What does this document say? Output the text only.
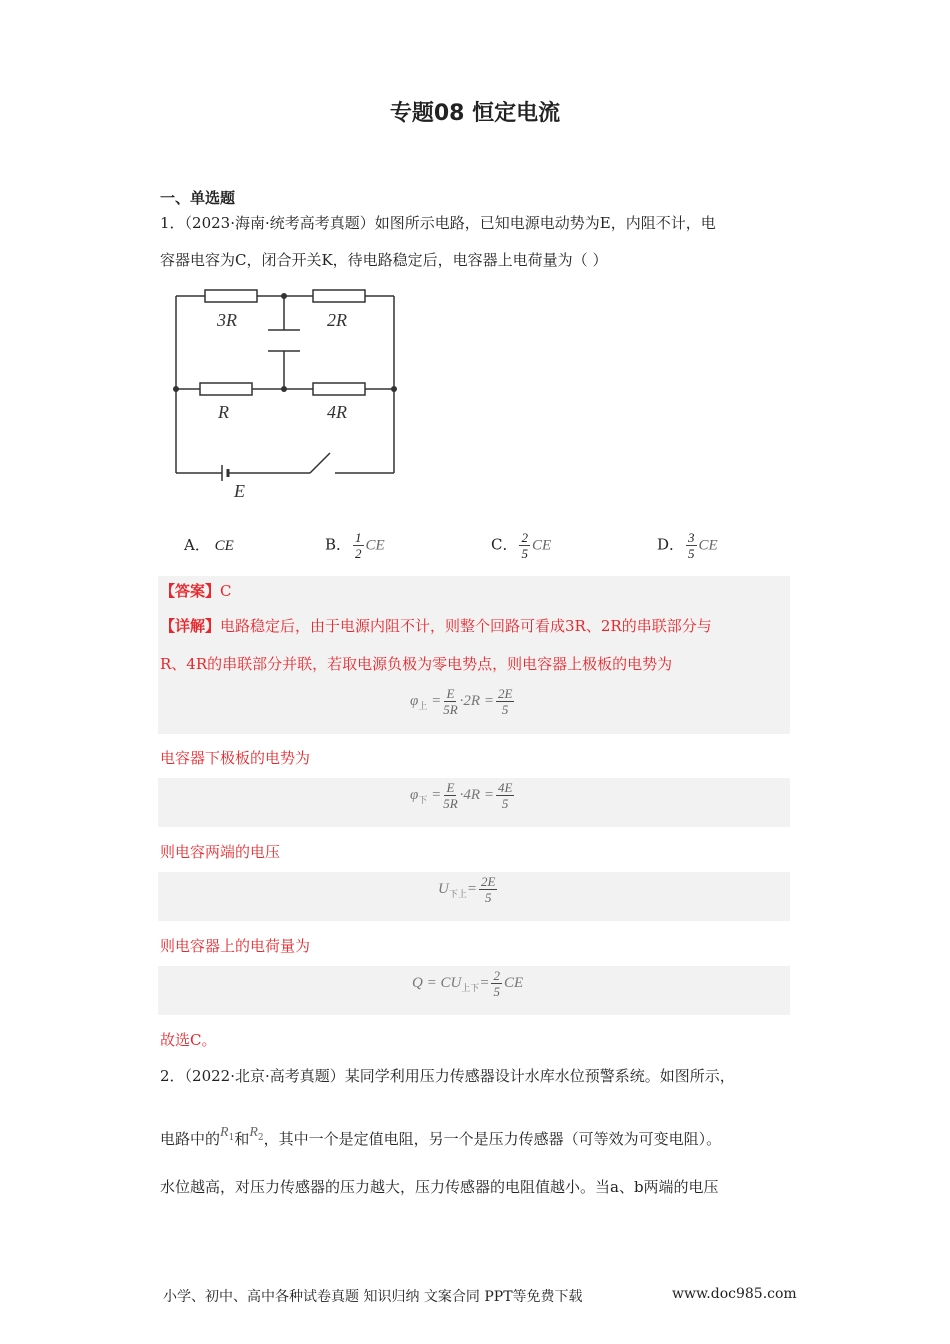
专题08 恒定电流
一、单选题
1．（2023·海南·统考高考真题）如图所示电路，已知电源电动势为E，内阻不计，电
容器电容为C，闭合开关K，待电路稳定后，电容器上电荷量为（ ）
3R	2R
R	4R
E
A． CE	B． $\frac{1}{2}$ CE	C． $\frac{2}{5}$ CE	D． $\frac{3}{5}$ CE
【答案】C
【详解】电路稳定后，由于电源内阻不计，则整个回路可看成3R、2R的串联部分与
R、4R的串联部分并联，若取电源负极为零电势点，则电容器上极板的电势为
$\varphi_上 = \frac{E}{5R} \cdot 2R = \frac{2E}{5}$
电容器下极板的电势为
$\varphi_下 = \frac{E}{5R} \cdot 4R = \frac{4E}{5}$
则电容两端的电压
$U_{下上}= \frac{2E}{5}$
则电容器上的电荷量为
$Q = CU_{上下}= \frac{2}{5}$ CE
故选C。
2．（2022·北京·高考真题）某同学利用压力传感器设计水库水位预警系统。如图所示，
电路中的$R^1$和$R^2$，其中一个是定值电阻，另一个是压力传感器（可等效为可变电阻）。
水位越高，对压力传感器的压力越大，压力传感器的电阻值越小。当a、b两端的电压
小学、初中、高中各种试卷真题 知识归纳 文案合同 PPT等免费下载	www.doc985.com
